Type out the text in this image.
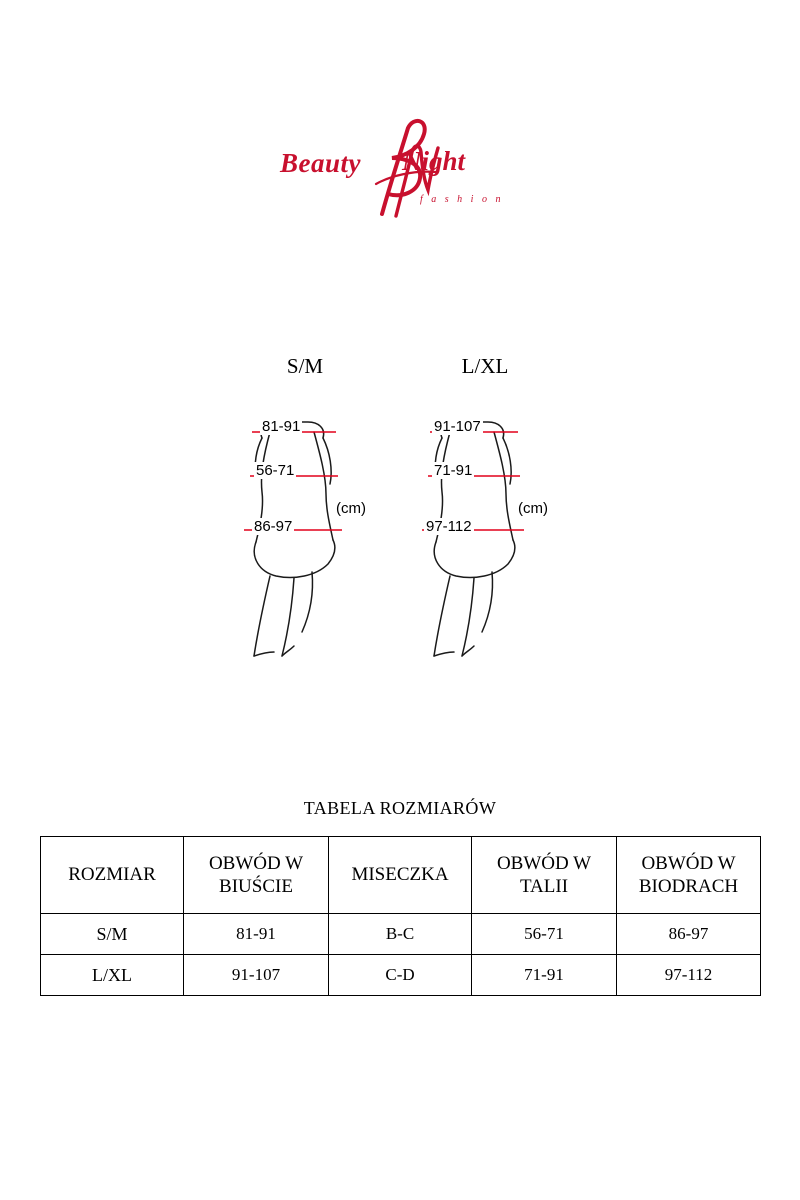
Beauty Night
f a s h i o n
S/M
81-91
56-71
86-97
(cm)
L/XL
91-107
71-91
97-112
(cm)
TABELA ROZMIARÓW
ROZMIAR	OBWÓD W BIUŚCIE	MISECZKA	OBWÓD W TALII	OBWÓD W BIODRACH
S/M	81-91	B-C	56-71	86-97
L/XL	91-107	C-D	71-91	97-112
